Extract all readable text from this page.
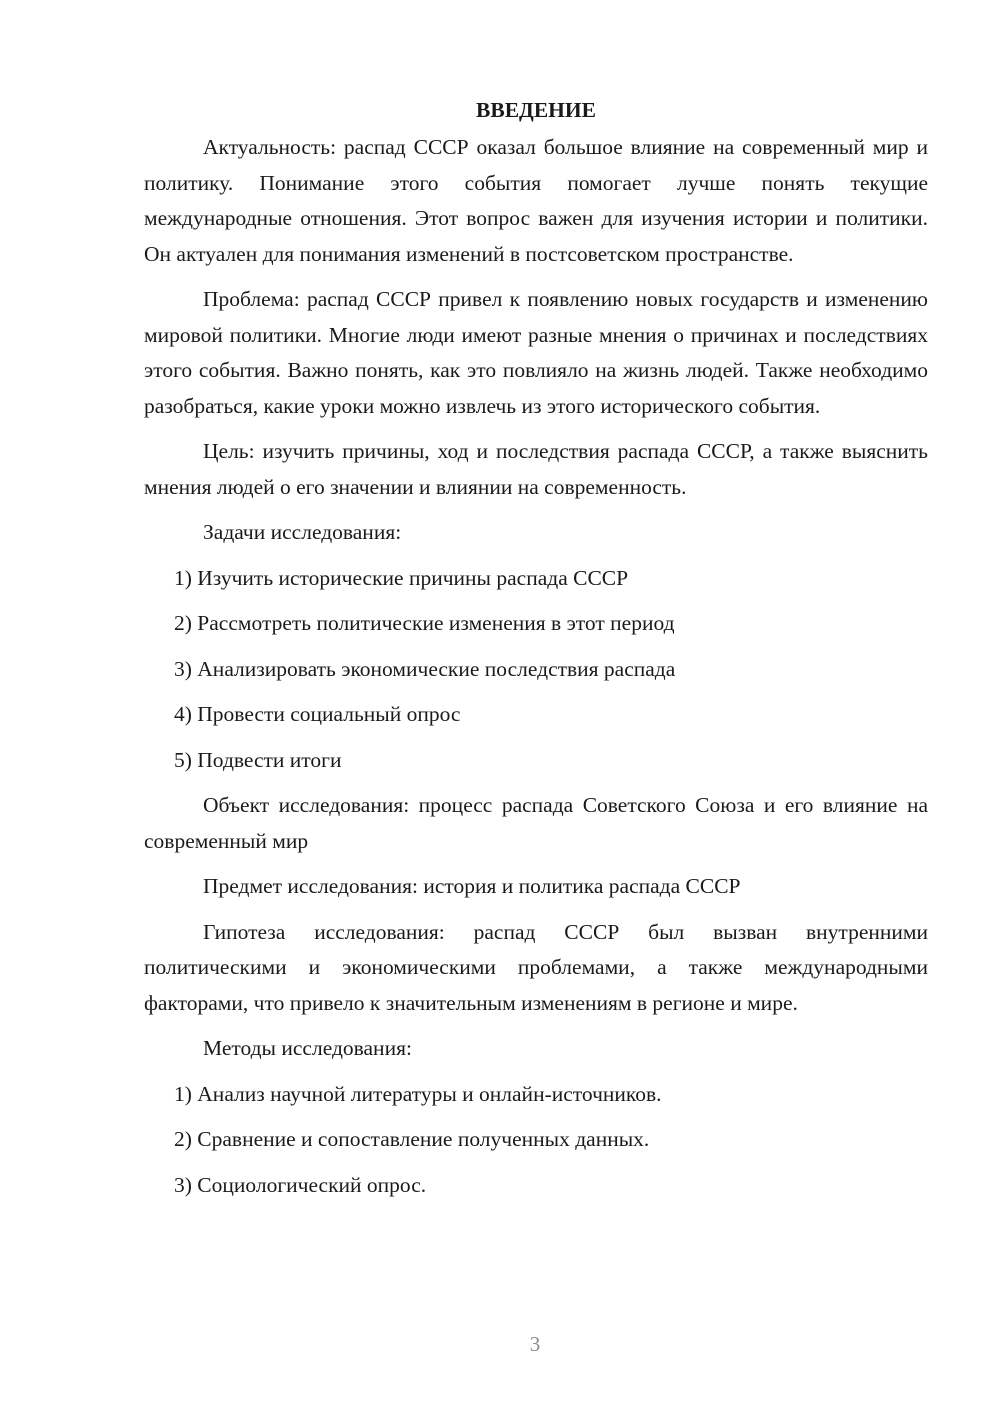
ВВЕДЕНИЕ

Актуальность: распад СССР оказал большое влияние на современный мир и политику. Понимание этого события помогает лучше понять текущие международные отношения. Этот вопрос важен для изучения истории и политики. Он актуален для понимания изменений в постсоветском пространстве.

Проблема: распад СССР привел к появлению новых государств и изменению мировой политики. Многие люди имеют разные мнения о причинах и последствиях этого события. Важно понять, как это повлияло на жизнь людей. Также необходимо разобраться, какие уроки можно извлечь из этого исторического события.

Цель: изучить причины, ход и последствия распада СССР, а также выяснить мнения людей о его значении и влиянии на современность.

Задачи исследования:

1) Изучить исторические причины распада СССР
2) Рассмотреть политические изменения в этот период
3) Анализировать экономические последствия распада
4) Провести социальный опрос
5) Подвести итоги

Объект исследования: процесс распада Советского Союза и его влияние на современный мир

Предмет исследования: история и политика распада СССР

Гипотеза исследования: распад СССР был вызван внутренними политическими и экономическими проблемами, а также международными факторами, что привело к значительным изменениям в регионе и мире.

Методы исследования:

1) Анализ научной литературы и онлайн-источников.
2) Сравнение и сопоставление полученных данных.
3) Социологический опрос.
3
